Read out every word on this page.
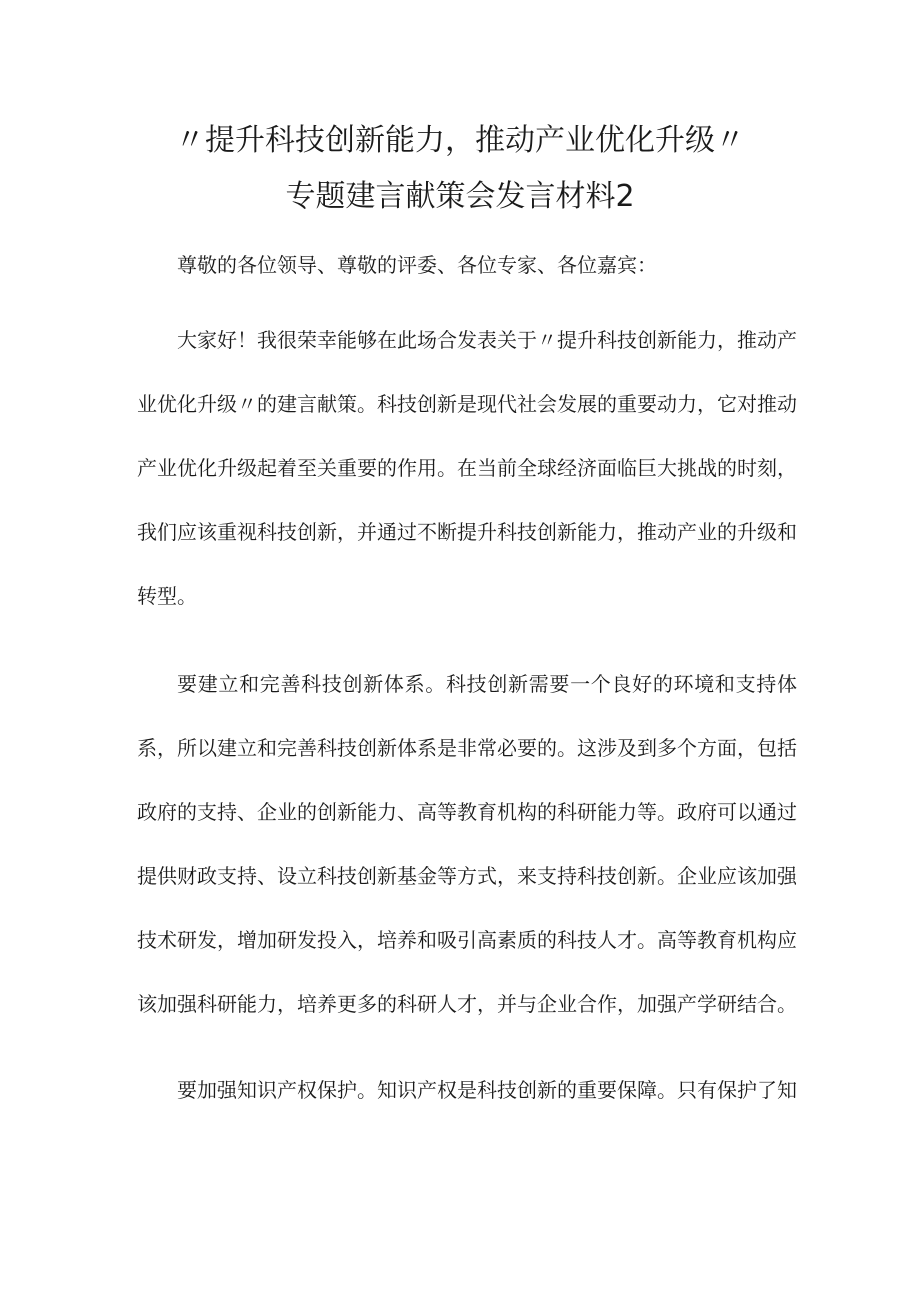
〃提升科技创新能力，推动产业优化升级〃
专题建言献策会发言材料2

尊敬的各位领导、尊敬的评委、各位专家、各位嘉宾：

大家好！我很荣幸能够在此场合发表关于〃提升科技创新能力，推动产业优化升级〃的建言献策。科技创新是现代社会发展的重要动力，它对推动产业优化升级起着至关重要的作用。在当前全球经济面临巨大挑战的时刻，我们应该重视科技创新，并通过不断提升科技创新能力，推动产业的升级和转型。

要建立和完善科技创新体系。科技创新需要一个良好的环境和支持体系，所以建立和完善科技创新体系是非常必要的。这涉及到多个方面，包括政府的支持、企业的创新能力、高等教育机构的科研能力等。政府可以通过提供财政支持、设立科技创新基金等方式，来支持科技创新。企业应该加强技术研发，增加研发投入，培养和吸引高素质的科技人才。高等教育机构应该加强科研能力，培养更多的科研人才，并与企业合作，加强产学研结合。

要加强知识产权保护。知识产权是科技创新的重要保障。只有保护了知
